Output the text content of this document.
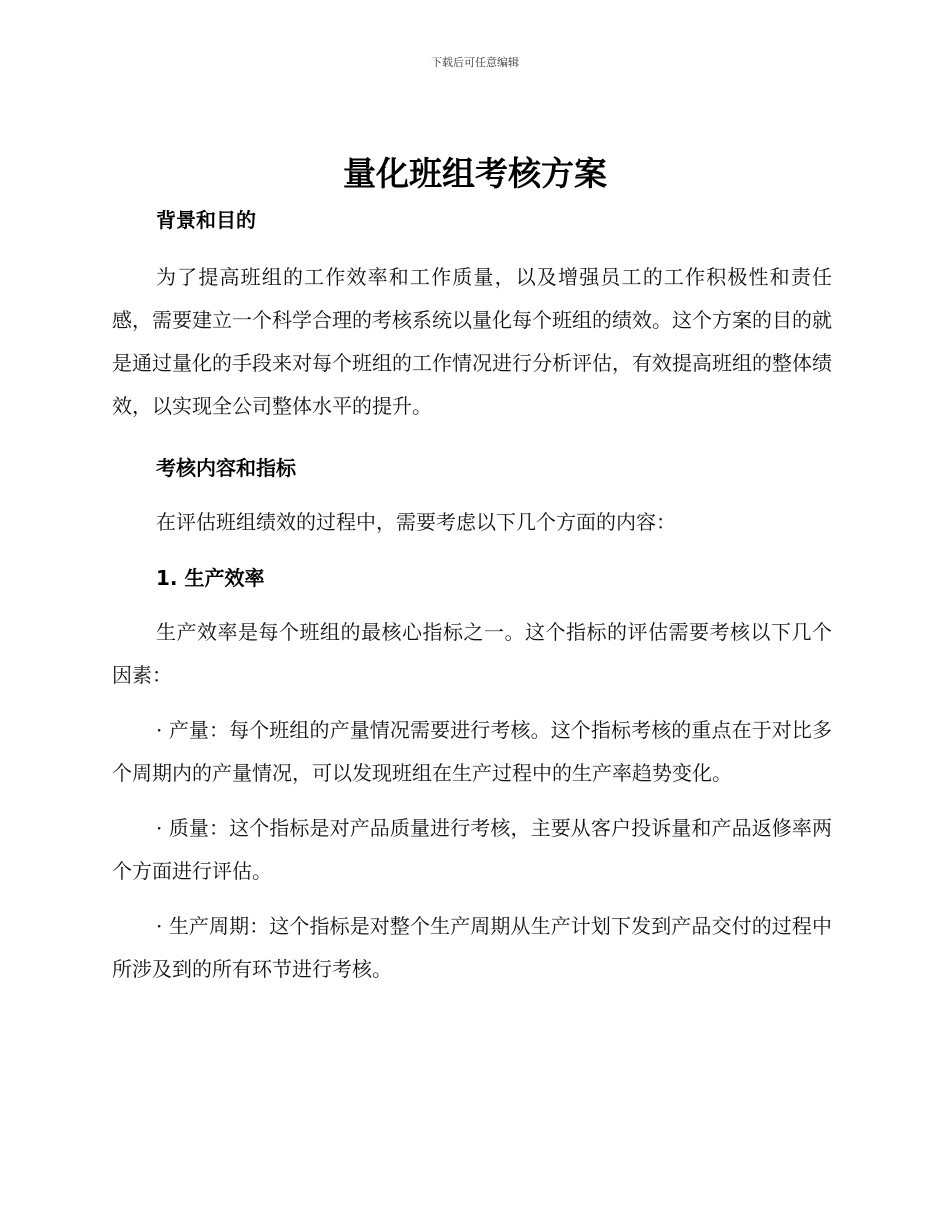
下载后可任意编辑
量化班组考核方案
背景和目的

为了提高班组的工作效率和工作质量，以及增强员工的工作积极性和责任感，需要建立一个科学合理的考核系统以量化每个班组的绩效。这个方案的目的就是通过量化的手段来对每个班组的工作情况进行分析评估，有效提高班组的整体绩效，以实现全公司整体水平的提升。

考核内容和指标

在评估班组绩效的过程中，需要考虑以下几个方面的内容：

1. 生产效率

生产效率是每个班组的最核心指标之一。这个指标的评估需要考核以下几个因素：

· 产量：每个班组的产量情况需要进行考核。这个指标考核的重点在于对比多个周期内的产量情况，可以发现班组在生产过程中的生产率趋势变化。

· 质量：这个指标是对产品质量进行考核，主要从客户投诉量和产品返修率两个方面进行评估。

· 生产周期：这个指标是对整个生产周期从生产计划下发到产品交付的过程中所涉及到的所有环节进行考核。
